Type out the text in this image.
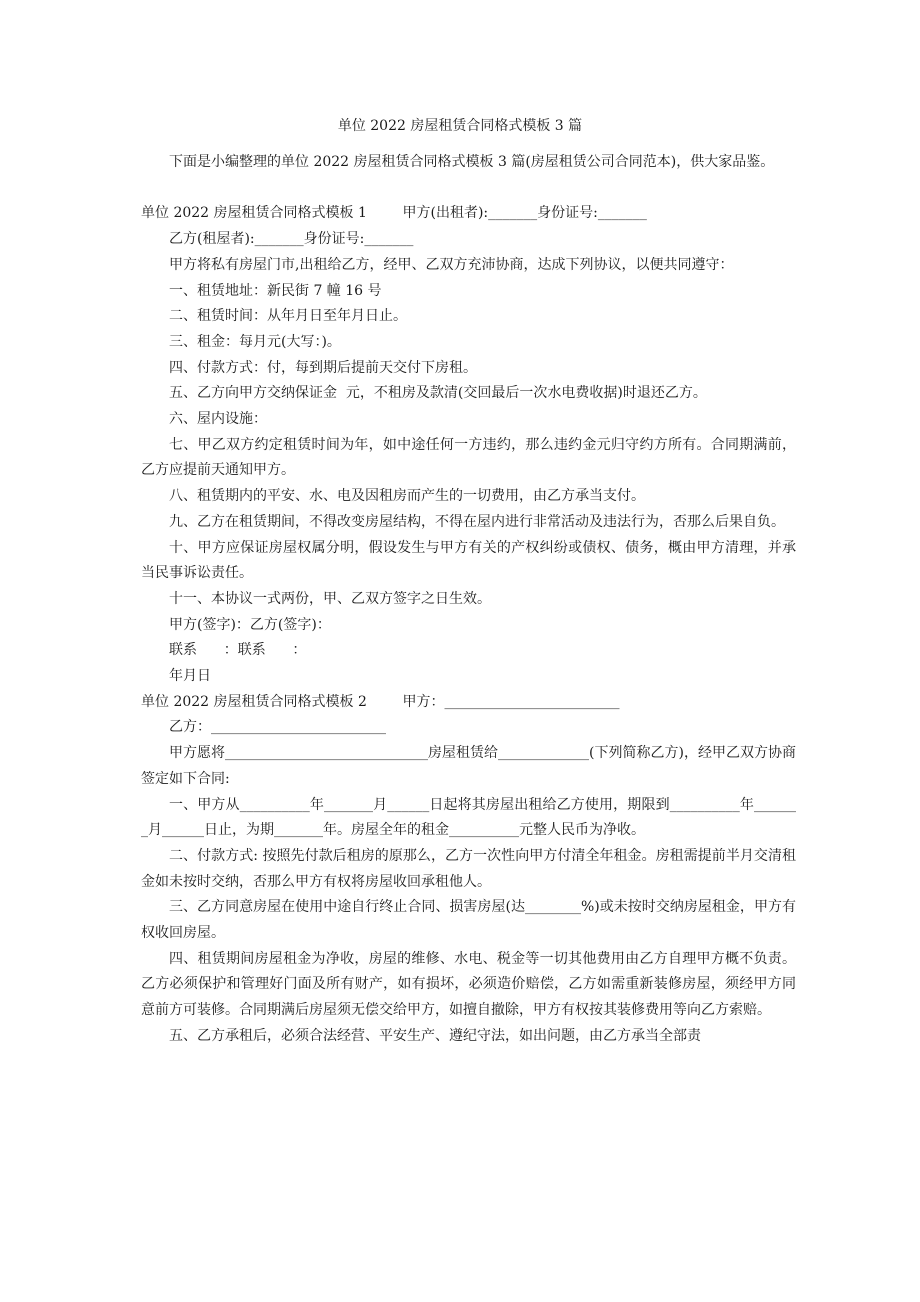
单位 2022 房屋租赁合同格式模板 3 篇

下面是小编整理的单位 2022 房屋租赁合同格式模板 3 篇(房屋租赁公司合同范本)，供大家品鉴。

单位 2022 房屋租赁合同格式模板 1        甲方(出租者):_______身份证号:_______

乙方(租屋者):_______身份证号:_______

甲方将私有房屋门市,出租给乙方，经甲、乙双方充沛协商，达成下列协议，以便共同遵守：

一、租赁地址：新民街 7 幢 16 号

二、租赁时间：从年月日至年月日止。

三、租金：每月元(大写：)。

四、付款方式：付，每到期后提前天交付下房租。

五、乙方向甲方交纳保证金  元，不租房及款清(交回最后一次水电费收据)时退还乙方。

六、屋内设施：

七、甲乙双方约定租赁时间为年，如中途任何一方违约，那么违约金元归守约方所有。合同期满前，乙方应提前天通知甲方。

八、租赁期内的平安、水、电及因租房而产生的一切费用，由乙方承当支付。

九、乙方在租赁期间，不得改变房屋结构，不得在屋内进行非常活动及违法行为，否那么后果自负。

十、甲方应保证房屋权属分明，假设发生与甲方有关的产权纠纷或债权、债务，概由甲方清理，并承当民事诉讼责任。

十一、本协议一式两份，甲、乙双方签字之日生效。

甲方(签字)：乙方(签字)：

联系      ：联系      ：

年月日

单位 2022 房屋租赁合同格式模板 2        甲方：_________________________

乙方：_________________________

甲方愿将_____________________________房屋租赁给_____________(下列简称乙方)，经甲乙双方协商签定如下合同:

一、甲方从__________年_______月______日起将其房屋出租给乙方使用，期限到__________年_______月______日止，为期_______年。房屋全年的租金__________元整人民币为净收。

二、付款方式: 按照先付款后租房的原那么，乙方一次性向甲方付清全年租金。房租需提前半月交清租金如未按时交纳，否那么甲方有权将房屋收回承租他人。

三、乙方同意房屋在使用中途自行终止合同、损害房屋(达________%)或未按时交纳房屋租金，甲方有权收回房屋。

四、租赁期间房屋租金为净收，房屋的维修、水电、税金等一切其他费用由乙方自理甲方概不负责。乙方必须保护和管理好门面及所有财产，如有损坏，必须造价赔偿，乙方如需重新装修房屋，须经甲方同意前方可装修。合同期满后房屋须无偿交给甲方，如擅自撤除，甲方有权按其装修费用等向乙方索赔。

五、乙方承租后，必须合法经营、平安生产、遵纪守法，如出问题，由乙方承当全部责
